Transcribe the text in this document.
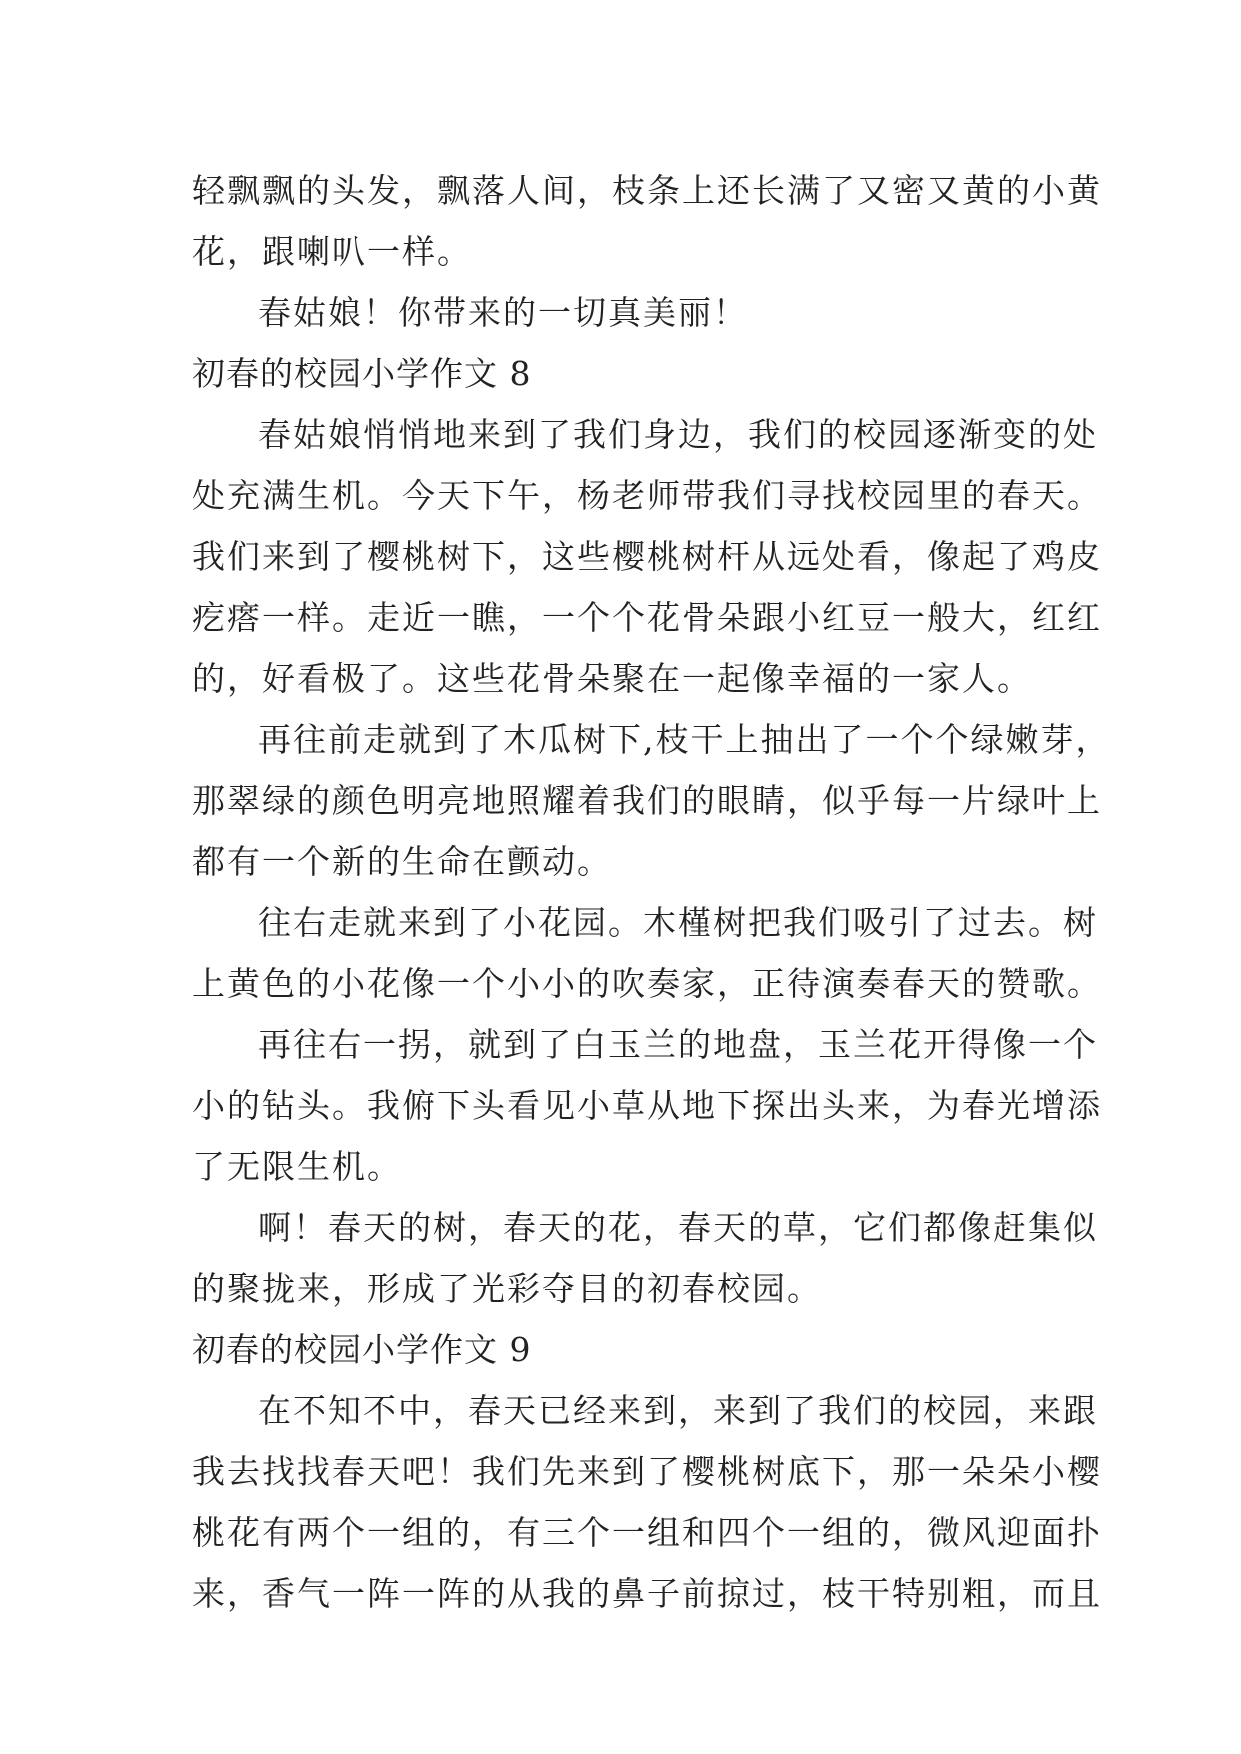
轻飘飘的头发，飘落人间，枝条上还长满了又密又黄的小黄
花，跟喇叭一样。
春姑娘！你带来的一切真美丽！
初春的校园小学作文 8
春姑娘悄悄地来到了我们身边，我们的校园逐渐变的处
处充满生机。今天下午，杨老师带我们寻找校园里的春天。
我们来到了樱桃树下，这些樱桃树杆从远处看，像起了鸡皮
疙瘩一样。走近一瞧，一个个花骨朵跟小红豆一般大，红红
的，好看极了。这些花骨朵聚在一起像幸福的一家人。
再往前走就到了木瓜树下,枝干上抽出了一个个绿嫩芽，
那翠绿的颜色明亮地照耀着我们的眼睛，似乎每一片绿叶上
都有一个新的生命在颤动。
往右走就来到了小花园。木槿树把我们吸引了过去。树
上黄色的小花像一个小小的吹奏家，正待演奏春天的赞歌。
再往右一拐，就到了白玉兰的地盘，玉兰花开得像一个
小的钻头。我俯下头看见小草从地下探出头来，为春光增添
了无限生机。
啊！春天的树，春天的花，春天的草，它们都像赶集似
的聚拢来，形成了光彩夺目的初春校园。
初春的校园小学作文 9
在不知不中，春天已经来到，来到了我们的校园，来跟
我去找找春天吧！我们先来到了樱桃树底下，那一朵朵小樱
桃花有两个一组的，有三个一组和四个一组的，微风迎面扑
来，香气一阵一阵的从我的鼻子前掠过，枝干特别粗，而且
